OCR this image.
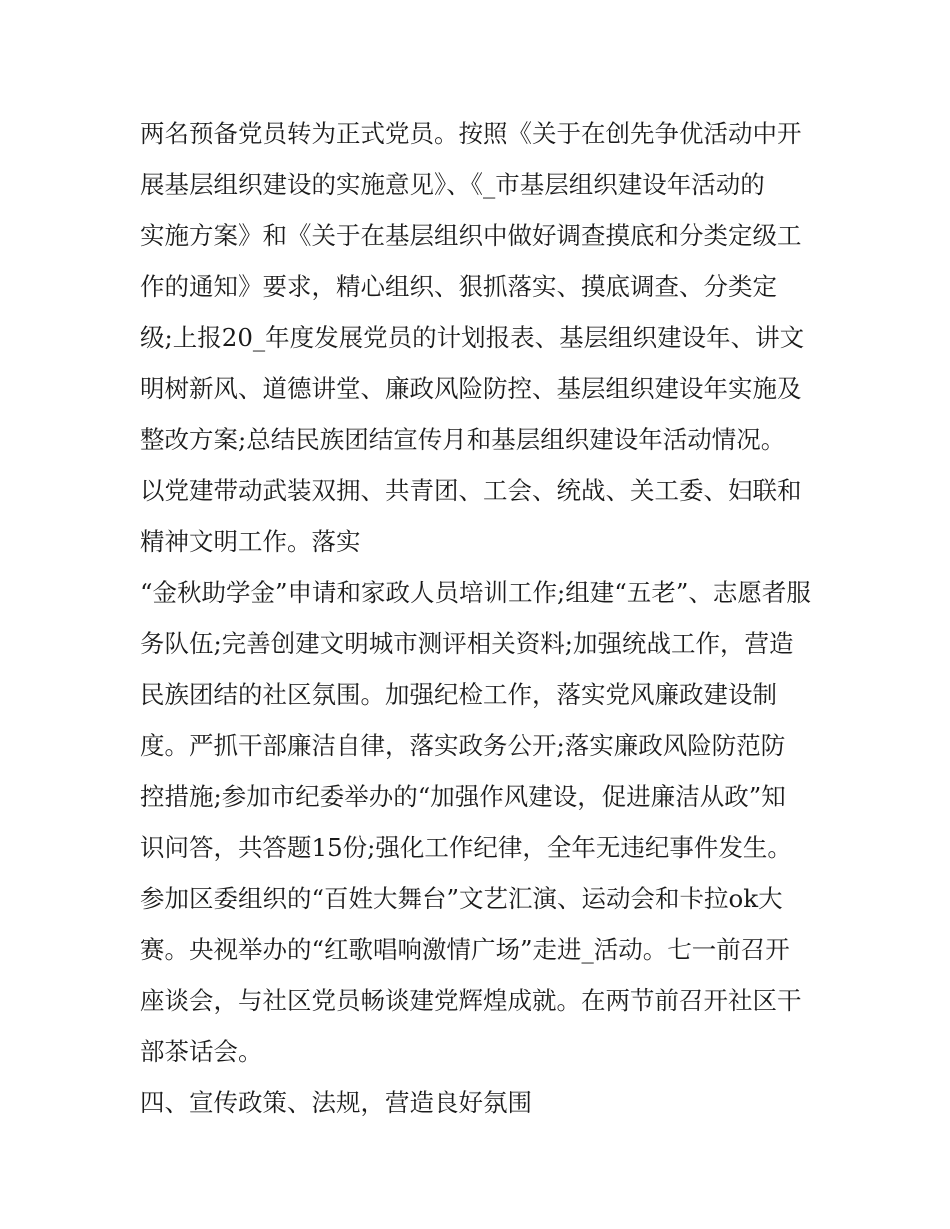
两名预备党员转为正式党员。按照《关于在创先争优活动中开
展基层组织建设的实施意见》、《_市基层组织建设年活动的
实施方案》和《关于在基层组织中做好调查摸底和分类定级工
作的通知》要求，精心组织、狠抓落实、摸底调查、分类定
级;上报20_年度发展党员的计划报表、基层组织建设年、讲文
明树新风、道德讲堂、廉政风险防控、基层组织建设年实施及
整改方案;总结民族团结宣传月和基层组织建设年活动情况。
以党建带动武装双拥、共青团、工会、统战、关工委、妇联和
精神文明工作。落实
“金秋助学金”申请和家政人员培训工作;组建“五老”、志愿者服
务队伍;完善创建文明城市测评相关资料;加强统战工作，营造
民族团结的社区氛围。加强纪检工作，落实党风廉政建设制
度。严抓干部廉洁自律，落实政务公开;落实廉政风险防范防
控措施;参加市纪委举办的“加强作风建设，促进廉洁从政”知
识问答，共答题15份;强化工作纪律，全年无违纪事件发生。
参加区委组织的“百姓大舞台”文艺汇演、运动会和卡拉ok大
赛。央视举办的“红歌唱响激情广场”走进_活动。七一前召开
座谈会，与社区党员畅谈建党辉煌成就。在两节前召开社区干
部茶话会。
四、宣传政策、法规，营造良好氛围
